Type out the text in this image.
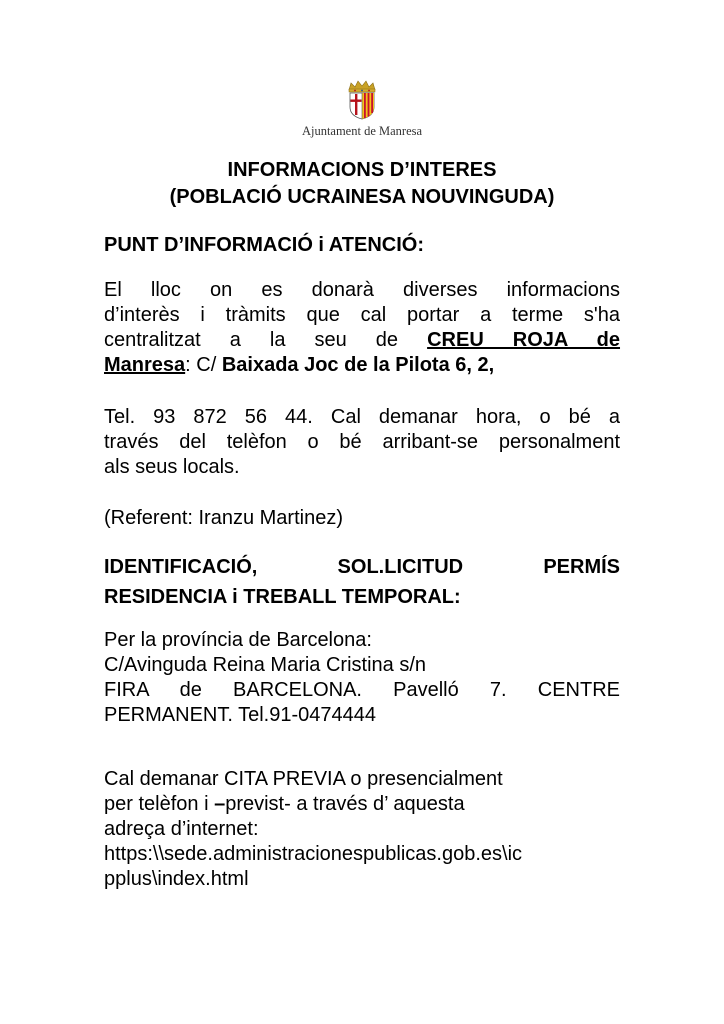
Ajuntament de Manresa
INFORMACIONS D’INTERES
(POBLACIÓ UCRAINESA NOUVINGUDA)
PUNT D’INFORMACIÓ i ATENCIÓ:
El lloc on es donarà diverses informacions
d’interès i tràmits que cal portar a terme s'ha
centralitzat a la seu de CREU ROJA de
Manresa: C/ Baixada Joc de la Pilota 6, 2,
Tel. 93 872 56 44. Cal demanar hora, o bé a
través del telèfon o bé arribant-se personalment
als seus locals.
(Referent: Iranzu Martinez)
IDENTIFICACIÓ, SOL.LICITUD PERMÍS
RESIDENCIA i TREBALL TEMPORAL:
Per la província de Barcelona:
C/Avinguda Reina Maria Cristina s/n
FIRA de BARCELONA. Pavelló 7. CENTRE
PERMANENT. Tel.91-0474444
Cal demanar CITA PREVIA o presencialment
per telèfon i –previst- a través d’ aquesta
adreça d’internet:
https:\\sede.administracionespublicas.gob.es\ic
pplus\index.html
